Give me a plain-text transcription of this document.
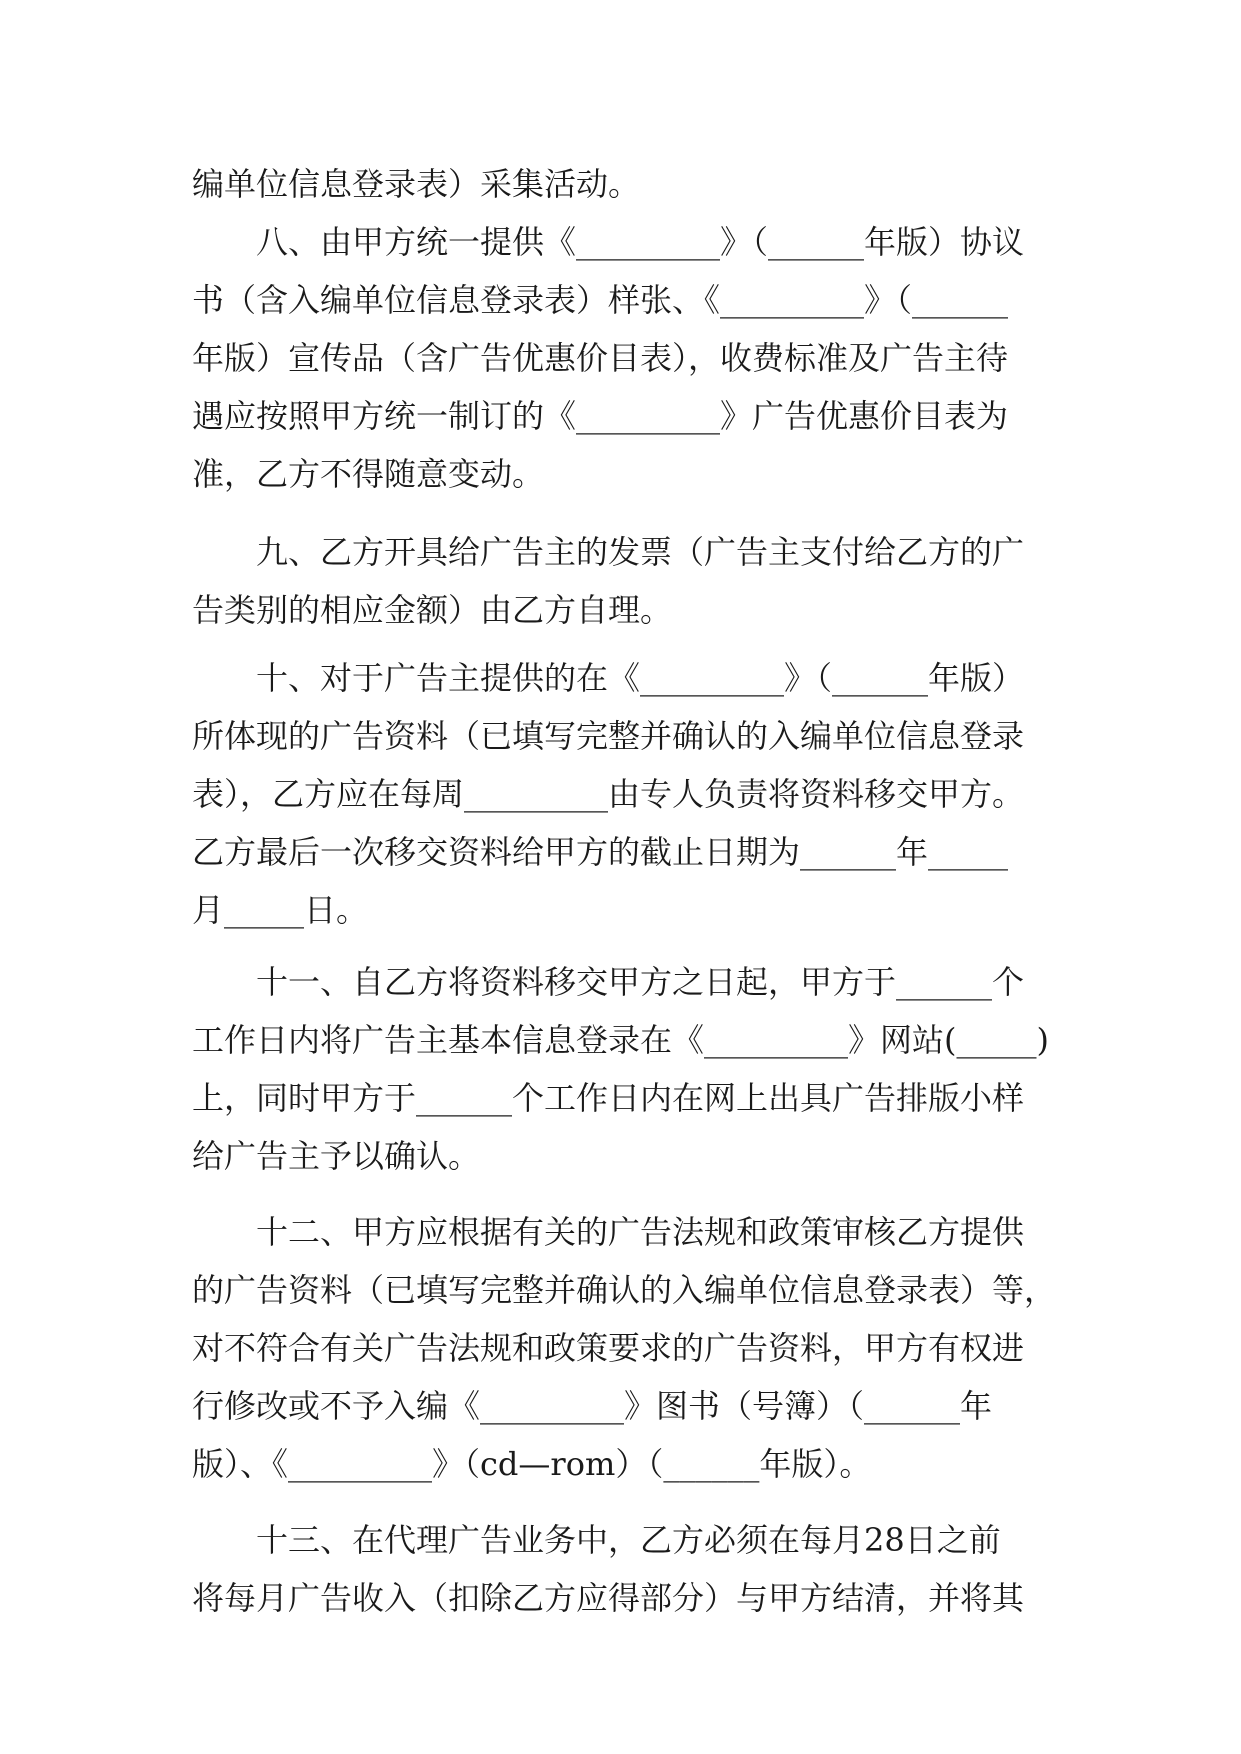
编单位信息登录表）采集活动。
　　八、由甲方统一提供《_________》（______年版）协议
书（含入编单位信息登录表）样张、《_________》（______
年版）宣传品（含广告优惠价目表），收费标准及广告主待
遇应按照甲方统一制订的《_________》广告优惠价目表为
准，乙方不得随意变动。
　　九、乙方开具给广告主的发票（广告主支付给乙方的广
告类别的相应金额）由乙方自理。
　　十、对于广告主提供的在《_________》（______年版）
所体现的广告资料（已填写完整并确认的入编单位信息登录
表），乙方应在每周_________由专人负责将资料移交甲方。
乙方最后一次移交资料给甲方的截止日期为______年_____
月_____日。
　　十一、自乙方将资料移交甲方之日起，甲方于______个
工作日内将广告主基本信息登录在《_________》网站(_____)
上，同时甲方于______个工作日内在网上出具广告排版小样
给广告主予以确认。
　　十二、甲方应根据有关的广告法规和政策审核乙方提供
的广告资料（已填写完整并确认的入编单位信息登录表）等，
对不符合有关广告法规和政策要求的广告资料，甲方有权进
行修改或不予入编《_________》图书（号簿）（______年
版）、《_________》（cd—rom）（______年版）。
　　十三、在代理广告业务中，乙方必须在每月28日之前
将每月广告收入（扣除乙方应得部分）与甲方结清，并将其
